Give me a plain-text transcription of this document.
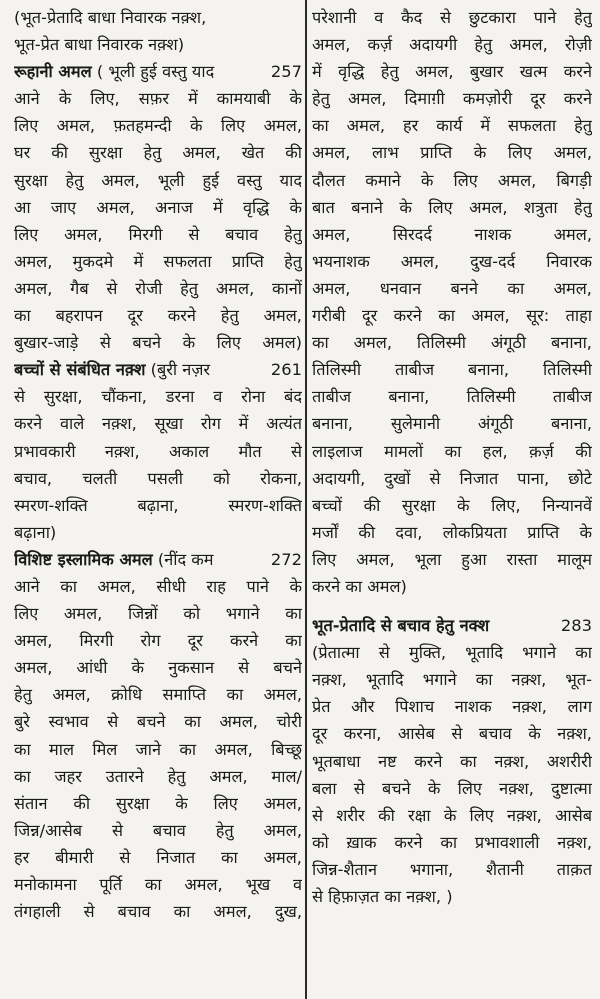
(भूत-प्रेतादि बाधा निवारक नक़्श,
भूत-प्रेत बाधा निवारक नक़्श)
रूहानी अमल ( भूली हुई वस्तु याद	257
आने के लिए, सफ़र में कामयाबी के
लिए अमल, फ़तहमन्दी के लिए अमल,
घर की सुरक्षा हेतु अमल, खेत की
सुरक्षा हेतु अमल, भूली हुई वस्तु याद
आ जाए अमल, अनाज में वृद्धि के
लिए अमल, मिरगी से बचाव हेतु
अमल, मुकदमे में सफलता प्राप्ति हेतु
अमल, गैब से रोजी हेतु अमल, कानों
का बहरापन दूर करने हेतु अमल,
बुखार-जाड़े से बचने के लिए अमल)
बच्चों से संबंधित नक़्श (बुरी नज़र	261
से सुरक्षा, चौंकना, डरना व रोना बंद
करने वाले नक़्श, सूखा रोग में अत्यंत
प्रभावकारी नक़्श, अकाल मौत से
बचाव, चलती पसली को रोकना,
स्मरण-शक्ति बढ़ाना, स्मरण-शक्ति
बढ़ाना)
विशिष्ट इस्लामिक अमल (नींद कम	272
आने का अमल, सीधी राह पाने के
लिए अमल, जिन्नों को भगाने का
अमल, मिरगी रोग दूर करने का
अमल, आंधी के नुकसान से बचने
हेतु अमल, क्रोधि समाप्ति का अमल,
बुरे स्वभाव से बचने का अमल, चोरी
का माल मिल जाने का अमल, बिच्छू
का जहर उतारने हेतु अमल, माल/
संतान की सुरक्षा के लिए अमल,
जिन्न/आसेब से बचाव हेतु अमल,
हर बीमारी से निजात का अमल,
मनोकामना पूर्ति का अमल, भूख व
तंगहाली से बचाव का अमल, दुख,
परेशानी व कैद से छुटकारा पाने हेतु
अमल, कर्ज़ अदायगी हेतु अमल, रोज़ी
में वृद्धि हेतु अमल, बुखार खत्म करने
हेतु अमल, दिमाग़ी कमज़ोरी दूर करने
का अमल, हर कार्य में सफलता हेतु
अमल, लाभ प्राप्ति के लिए अमल,
दौलत कमाने के लिए अमल, बिगड़ी
बात बनाने के लिए अमल, शत्रुता हेतु
अमल, सिरदर्द नाशक अमल,
भयनाशक अमल, दुख-दर्द निवारक
अमल, धनवान बनने का अमल,
गरीबी दूर करने का अमल, सूर: ताहा
का अमल, तिलिस्मी अंगूठी बनाना,
तिलिस्मी ताबीज बनाना, तिलिस्मी
ताबीज बनाना, तिलिस्मी ताबीज
बनाना, सुलेमानी अंगूठी बनाना,
लाइलाज मामलों का हल, क़र्ज़ की
अदायगी, दुखों से निजात पाना, छोटे
बच्चों की सुरक्षा के लिए, निन्यानवें
मर्जों की दवा, लोकप्रियता प्राप्ति के
लिए अमल, भूला हुआ रास्ता मालूम
करने का अमल)
भूत-प्रेतादि से बचाव हेतु नक्श	283
(प्रेतात्मा से मुक्ति, भूतादि भगाने का
नक़्श, भूतादि भगाने का नक़्श, भूत-
प्रेत और पिशाच नाशक नक़्श, लाग
दूर करना, आसेब से बचाव के नक़्श,
भूतबाधा नष्ट करने का नक़्श, अशरीरी
बला से बचने के लिए नक़्श, दुष्टात्मा
से शरीर की रक्षा के लिए नक़्श, आसेब
को ख़ाक करने का प्रभावशाली नक़्श,
जिन्न-शैतान भगाना, शैतानी ताक़त
से हिफ़ाज़त का नक़्श, )
